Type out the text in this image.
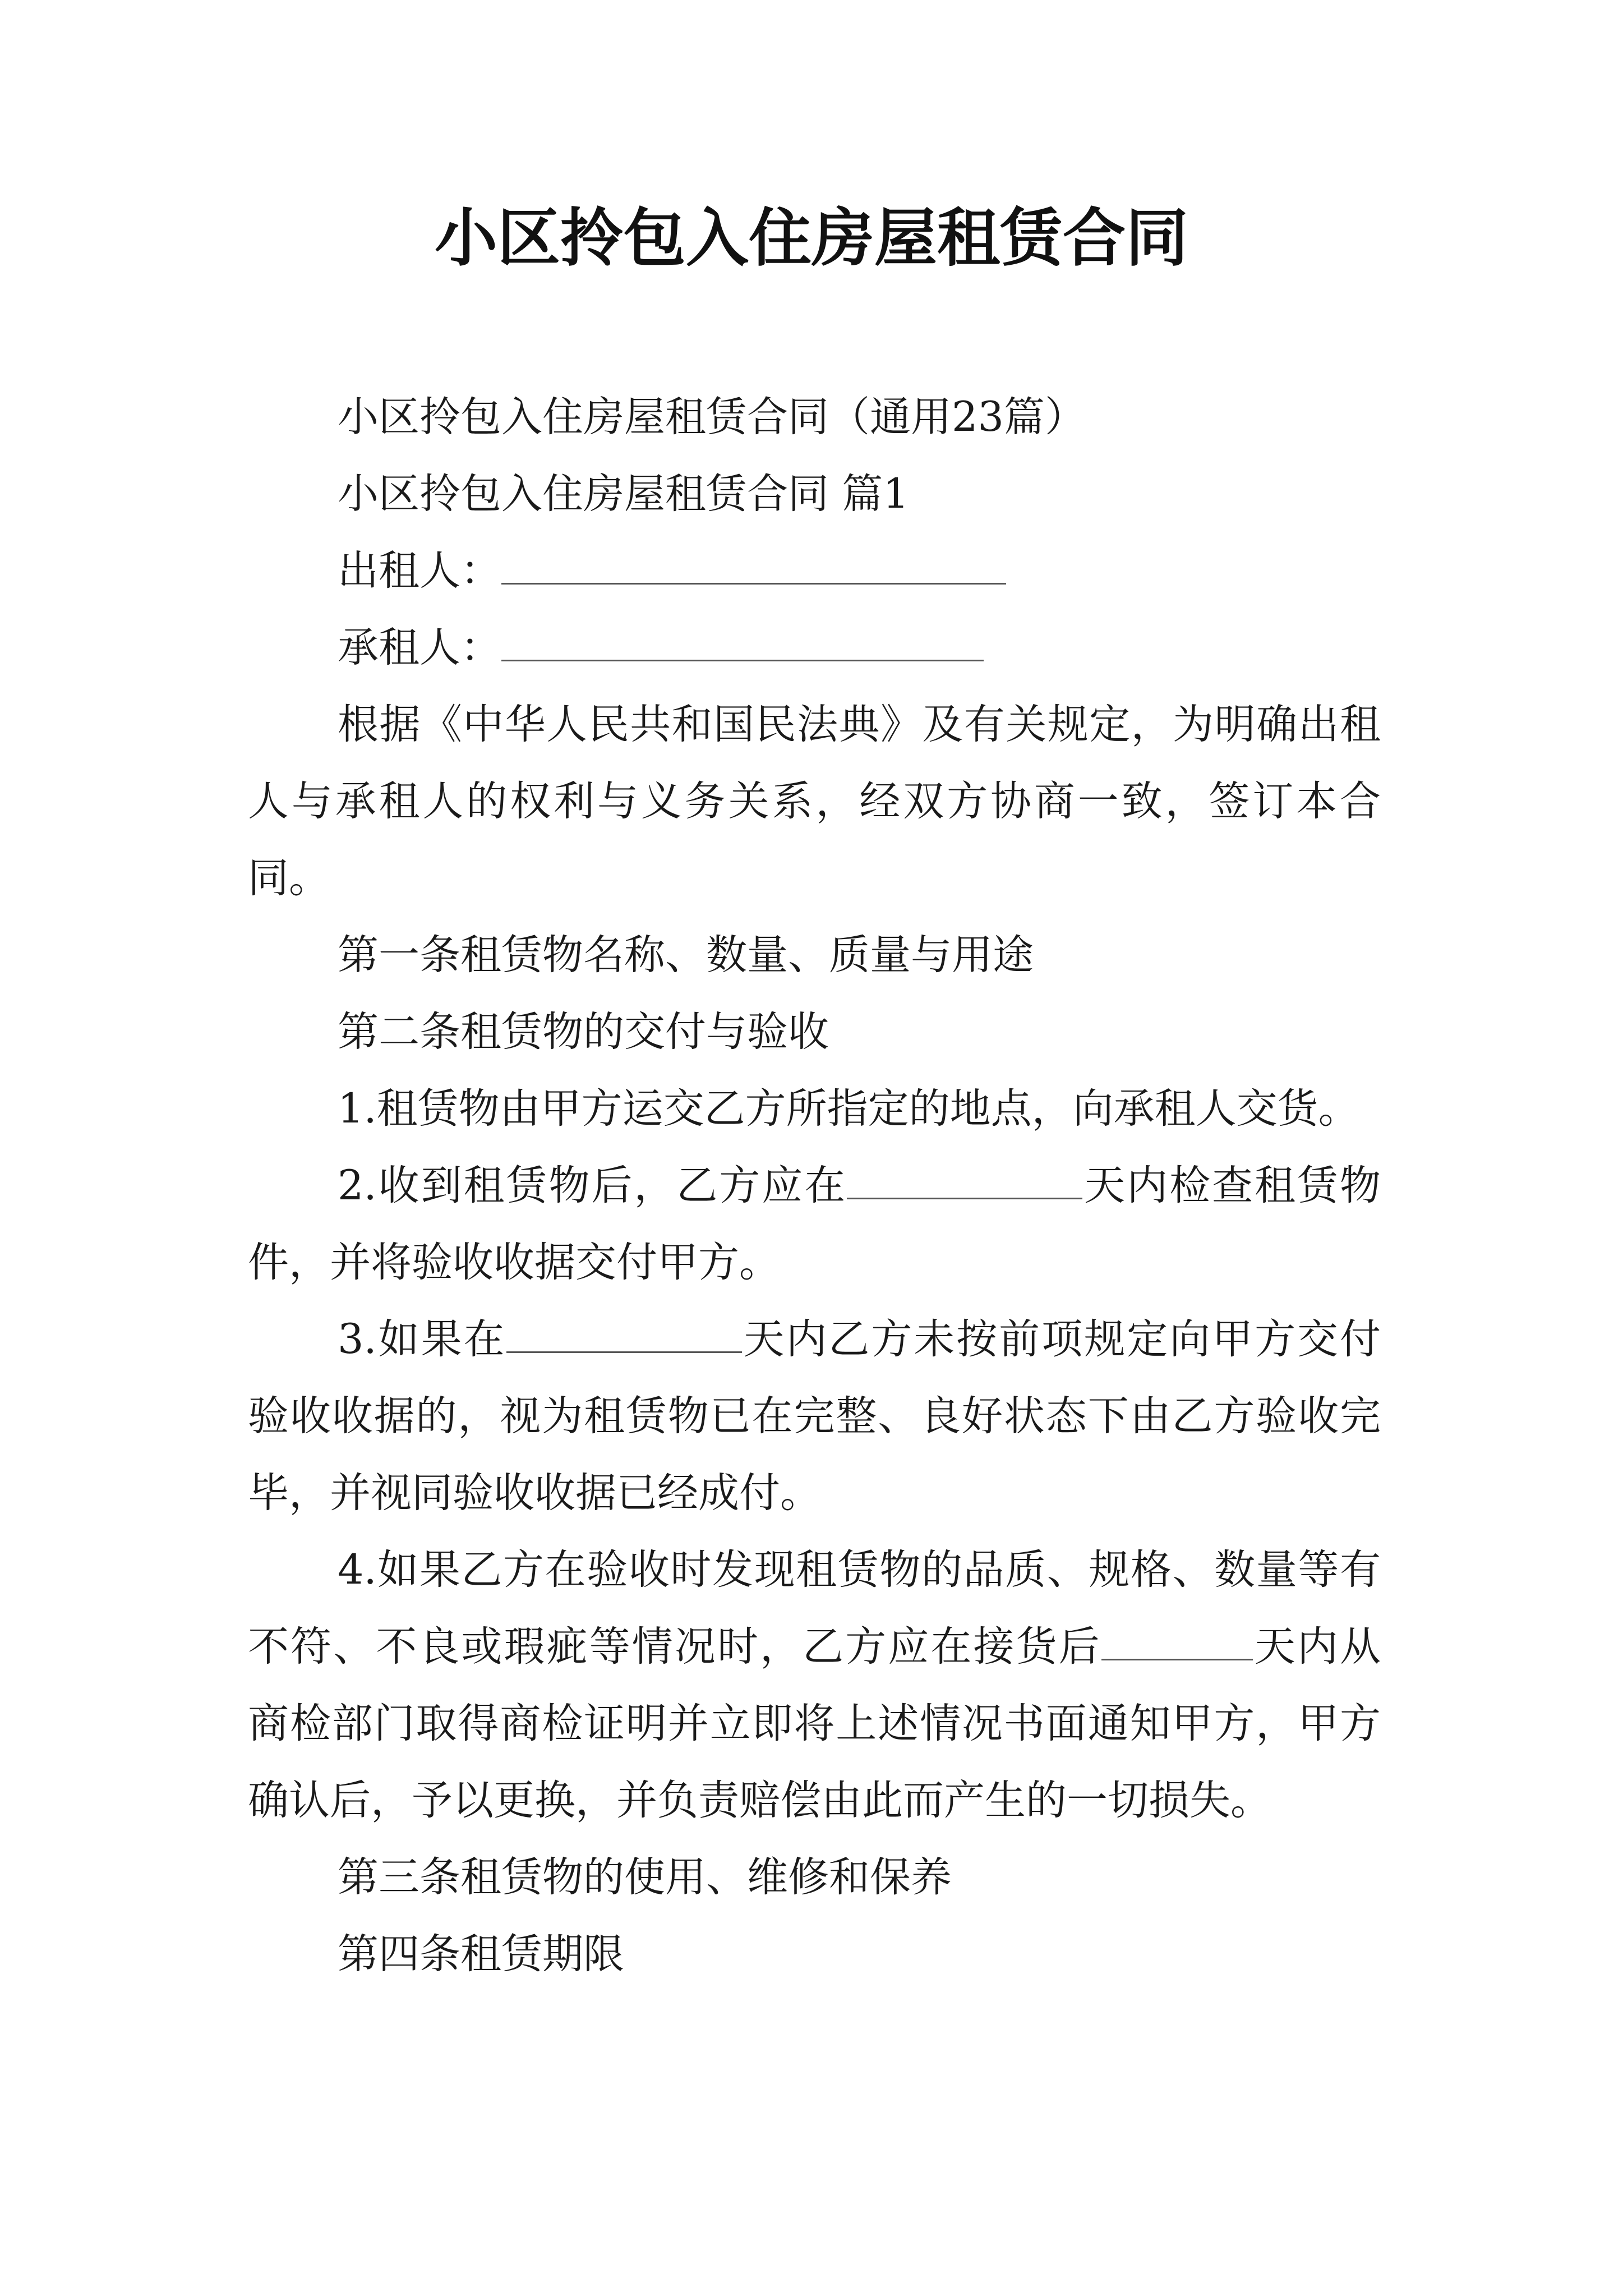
小区拎包入住房屋租赁合同

小区拎包入住房屋租赁合同（通用23篇）

小区拎包入住房屋租赁合同 篇1

出租人：

承租人：

根据《中华人民共和国民法典》及有关规定，为明确出租人与承租人的权利与义务关系，经双方协商一致，签订本合同。

第一条租赁物名称、数量、质量与用途

第二条租赁物的交付与验收

1.租赁物由甲方运交乙方所指定的地点，向承租人交货。

2.收到租赁物后，乙方应在	天内检查租赁物件，并将验收收据交付甲方。

3.如果在	天内乙方未按前项规定向甲方交付验收收据的，视为租赁物已在完整、良好状态下由乙方验收完毕，并视同验收收据已经成付。

4.如果乙方在验收时发现租赁物的品质、规格、数量等有不符、不良或瑕疵等情况时，乙方应在接货后	天内从商检部门取得商检证明并立即将上述情况书面通知甲方，甲方确认后，予以更换，并负责赔偿由此而产生的一切损失。

第三条租赁物的使用、维修和保养

第四条租赁期限
